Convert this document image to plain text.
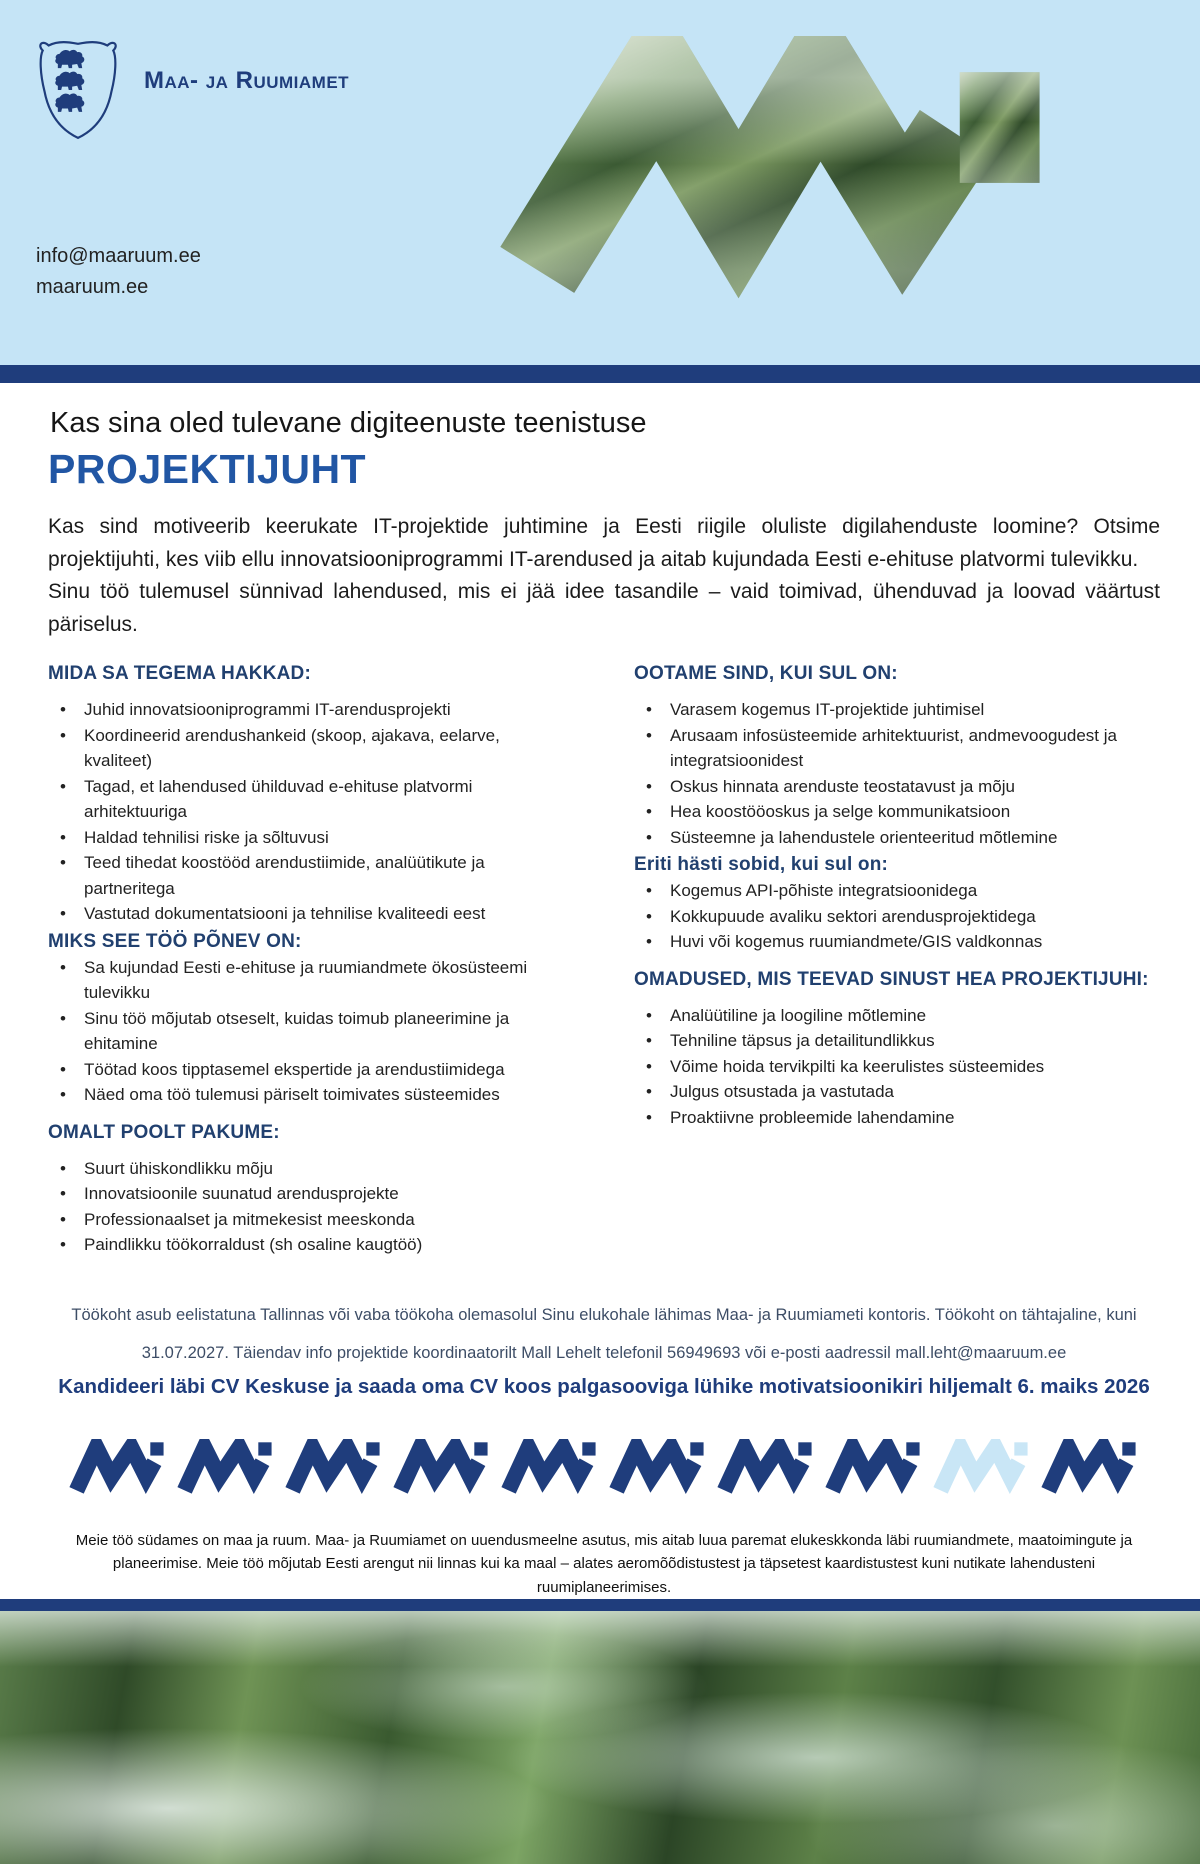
Maa- ja Ruumiamet
info@maaruum.ee
maaruum.ee
Kas sina oled tulevane digiteenuste teenistuse
PROJEKTIJUHT

Kas sind motiveerib keerukate IT-projektide juhtimine ja Eesti riigile oluliste digilahenduste loomine? Otsime projektijuhti, kes viib ellu innovatsiooniprogrammi IT-arendused ja aitab kujundada Eesti e-ehituse platvormi tulevikku.

Sinu töö tulemusel sünnivad lahendused, mis ei jää idee tasandile – vaid toimivad, ühenduvad ja loovad väärtust päriselus.

MIDA SA TEGEMA HAKKAD:
• Juhid innovatsiooniprogrammi IT-arendusprojekti
• Koordineerid arendushankeid (skoop, ajakava, eelarve, kvaliteet)
• Tagad, et lahendused ühilduvad e-ehituse platvormi arhitektuuriga
• Haldad tehnilisi riske ja sõltuvusi
• Teed tihedat koostööd arendustiimide, analüütikute ja partneritega
• Vastutad dokumentatsiooni ja tehnilise kvaliteedi eest
MIKS SEE TÖÖ PÕNEV ON:
• Sa kujundad Eesti e-ehituse ja ruumiandmete ökosüsteemi tulevikku
• Sinu töö mõjutab otseselt, kuidas toimub planeerimine ja ehitamine
• Töötad koos tipptasemel ekspertide ja arendustiimidega
• Näed oma töö tulemusi päriselt toimivates süsteemides
OMALT POOLT PAKUME:
• Suurt ühiskondlikku mõju
• Innovatsioonile suunatud arendusprojekte
• Professionaalset ja mitmekesist meeskonda
• Paindlikku töökorraldust (sh osaline kaugtöö)
OOTAME SIND, KUI SUL ON:
• Varasem kogemus IT-projektide juhtimisel
• Arusaam infosüsteemide arhitektuurist, andmevoogudest ja integratsioonidest
• Oskus hinnata arenduste teostatavust ja mõju
• Hea koostööoskus ja selge kommunikatsioon
• Süsteemne ja lahendustele orienteeritud mõtlemine
Eriti hästi sobid, kui sul on:
• Kogemus API-põhiste integratsioonidega
• Kokkupuude avaliku sektori arendusprojektidega
• Huvi või kogemus ruumiandmete/GIS valdkonnas
OMADUSED, MIS TEEVAD SINUST HEA PROJEKTIJUHI:
• Analüütiline ja loogiline mõtlemine
• Tehniline täpsus ja detailitundlikkus
• Võime hoida tervikpilti ka keerulistes süsteemides
• Julgus otsustada ja vastutada
• Proaktiivne probleemide lahendamine

Töökoht asub eelistatuna Tallinnas või vaba töökoha olemasolul Sinu elukohale lähimas Maa- ja Ruumiameti kontoris. Töökoht on tähtajaline, kuni 31.07.2027. Täiendav info projektide koordinaatorilt Mall Lehelt telefonil 56949693 või e-posti aadressil mall.leht@maaruum.ee

Kandideeri läbi CV Keskuse ja saada oma CV koos palgasooviga lühike motivatsioonikiri hiljemalt 6. maiks 2026

Meie töö südames on maa ja ruum. Maa- ja Ruumiamet on uuendusmeelne asutus, mis aitab luua paremat elukeskkonda läbi ruumiandmete, maatoimingute ja planeerimise. Meie töö mõjutab Eesti arengut nii linnas kui ka maal – alates aeromõõdistustest ja täpsetest kaardistustest kuni nutikate lahendusteni ruumiplaneerimises.
